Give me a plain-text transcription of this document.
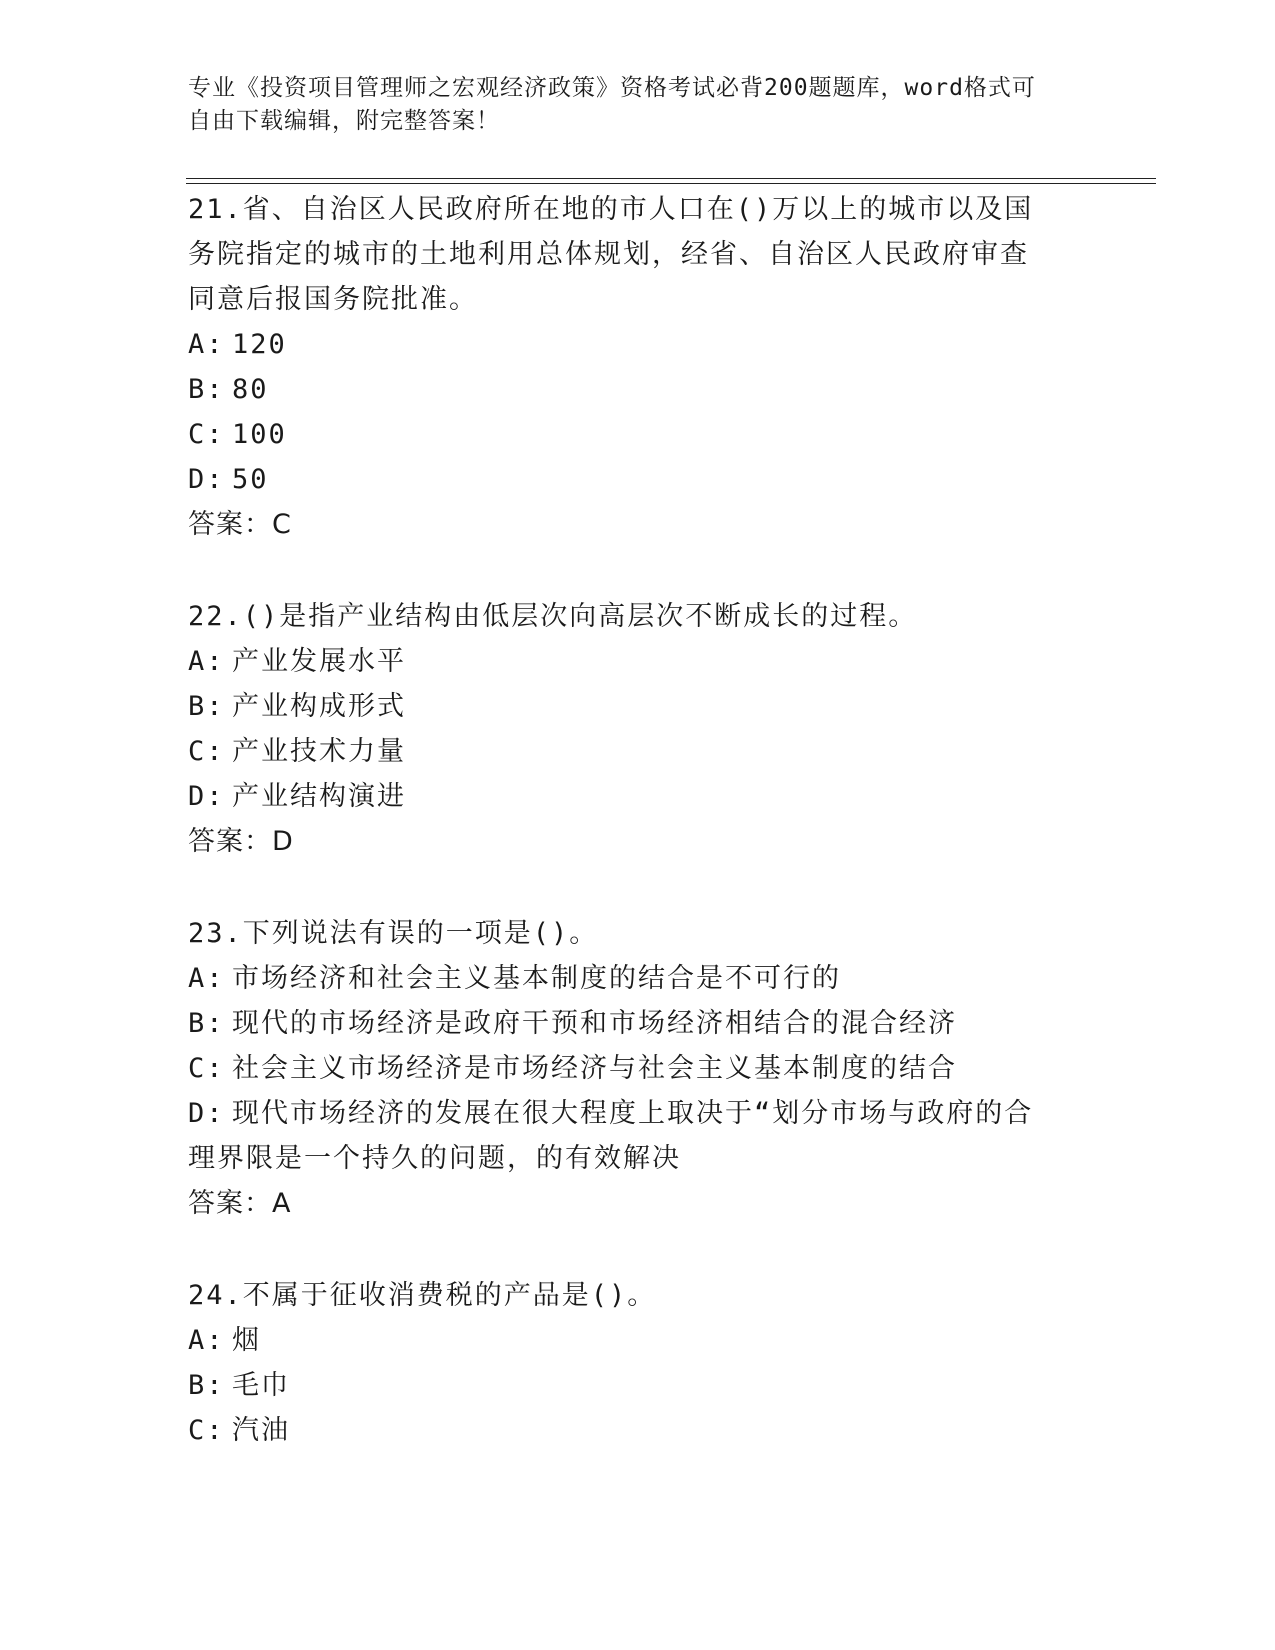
专业《投资项目管理师之宏观经济政策》资格考试必背200题题库，word格式可
自由下载编辑，附完整答案！

21.省、自治区人民政府所在地的市人口在()万以上的城市以及国务院指定的城市的土地利用总体规划，经省、自治区人民政府审查同意后报国务院批准。

A: 120

B: 80

C: 100

D: 50

答案：C

22.()是指产业结构由低层次向高层次不断成长的过程。

A: 产业发展水平

B: 产业构成形式

C: 产业技术力量

D: 产业结构演进

答案：D

23.下列说法有误的一项是()。

A: 市场经济和社会主义基本制度的结合是不可行的

B: 现代的市场经济是政府干预和市场经济相结合的混合经济

C: 社会主义市场经济是市场经济与社会主义基本制度的结合

D: 现代市场经济的发展在很大程度上取决于“划分市场与政府的合理界限是一个持久的问题，的有效解决

答案：A

24.不属于征收消费税的产品是()。

A: 烟

B: 毛巾

C: 汽油
